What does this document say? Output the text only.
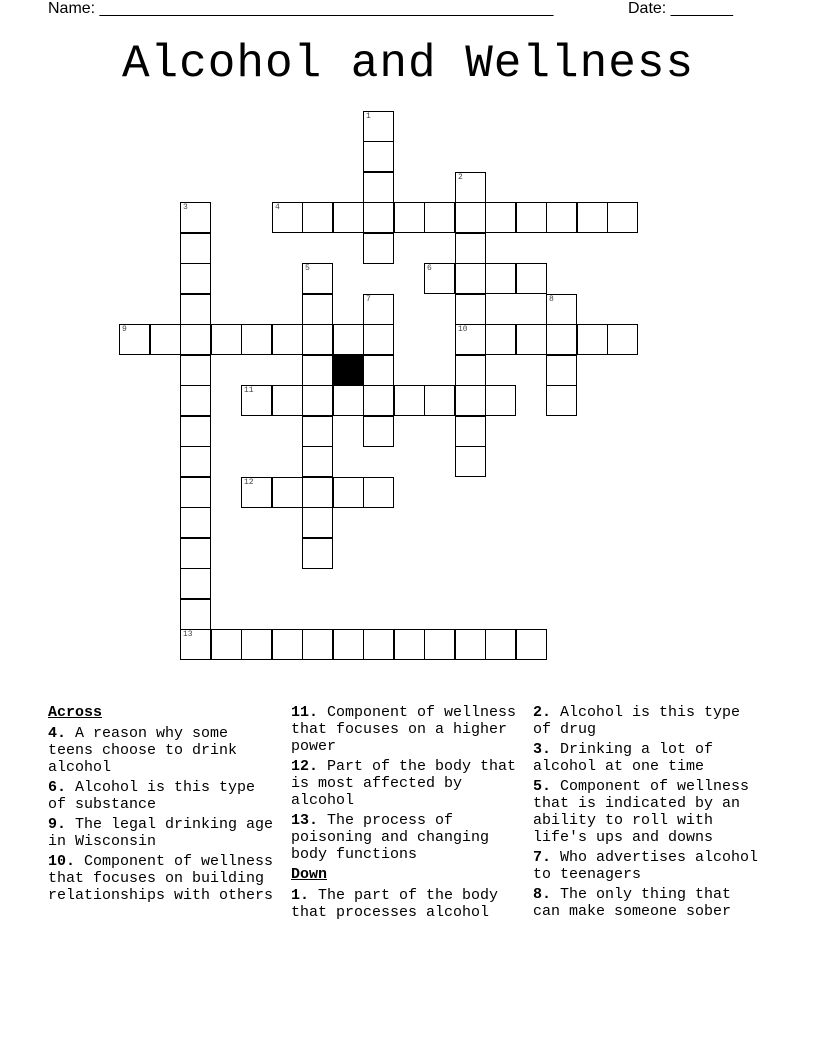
Name: ___________________________________________________	Date: _______
Alcohol and Wellness
4
6
9	10
11
12
13
1
2
3
5
7	8
Across
4. A reason why some teens choose to drink alcohol
6. Alcohol is this type of substance
9. The legal drinking age in Wisconsin
10. Component of wellness that focuses on building relationships with others
11. Component of wellness that focuses on a higher power
12. Part of the body that is most affected by alcohol
13. The process of poisoning and changing body functions
Down
1. The part of the body that processes alcohol
2. Alcohol is this type of drug
3. Drinking a lot of alcohol at one time
5. Component of wellness that is indicated by an ability to roll with life's ups and downs
7. Who advertises alcohol to teenagers
8. The only thing that can make someone sober
